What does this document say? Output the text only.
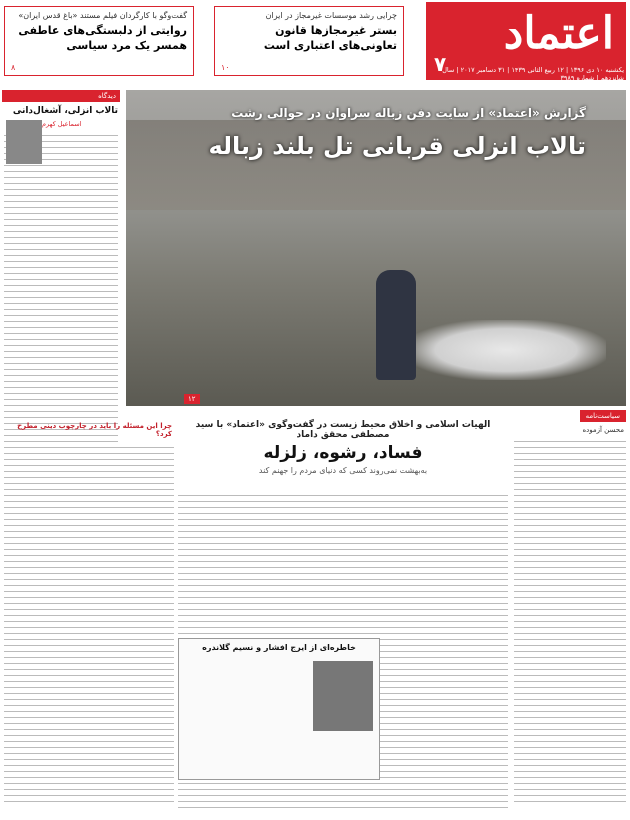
اعتماد
۷
یکشنبه ۱۰ دی ۱۳۹۶ | ۱۲ ربیع الثانی ۱۴۳۹ | ۳۱ دسامبر ۲۰۱۷ | سال شانزدهم | شماره ۳۹۸۹
گفت‌وگو با کارگردان فیلم مستند «باغ قدس ایران»
روایتی از دلبستگی‌های عاطفی همسر یک مرد سیاسی
۸
چرایی رشد موسسات غیرمجاز در ایران
بستر غیرمجازها قانون تعاونی‌های اعتباری است
۱۰
دیدگاه
تالاب انزلی، آشغال‌دانی
اسماعیل کهرم
گزارش «اعتماد» از سایت دفن زباله سراوان در حوالی رشت
تالاب انزلی قربانی تل بلند زباله
۱۲
سیاست‌نامه
محسن آزموده
الهیات اسلامی و اخلاق محیط زیست در گفت‌وگوی «اعتماد» با سید مصطفی محقق داماد
فساد، رشوه، زلزله
به‌بهشت نمی‌روند کسی که دنیای مردم را جهنم کند
خاطره‌ای از ایرج افشار و نسیم گلاندره
چرا این مسئله را باید در چارچوب دینی مطرح کرد؟
